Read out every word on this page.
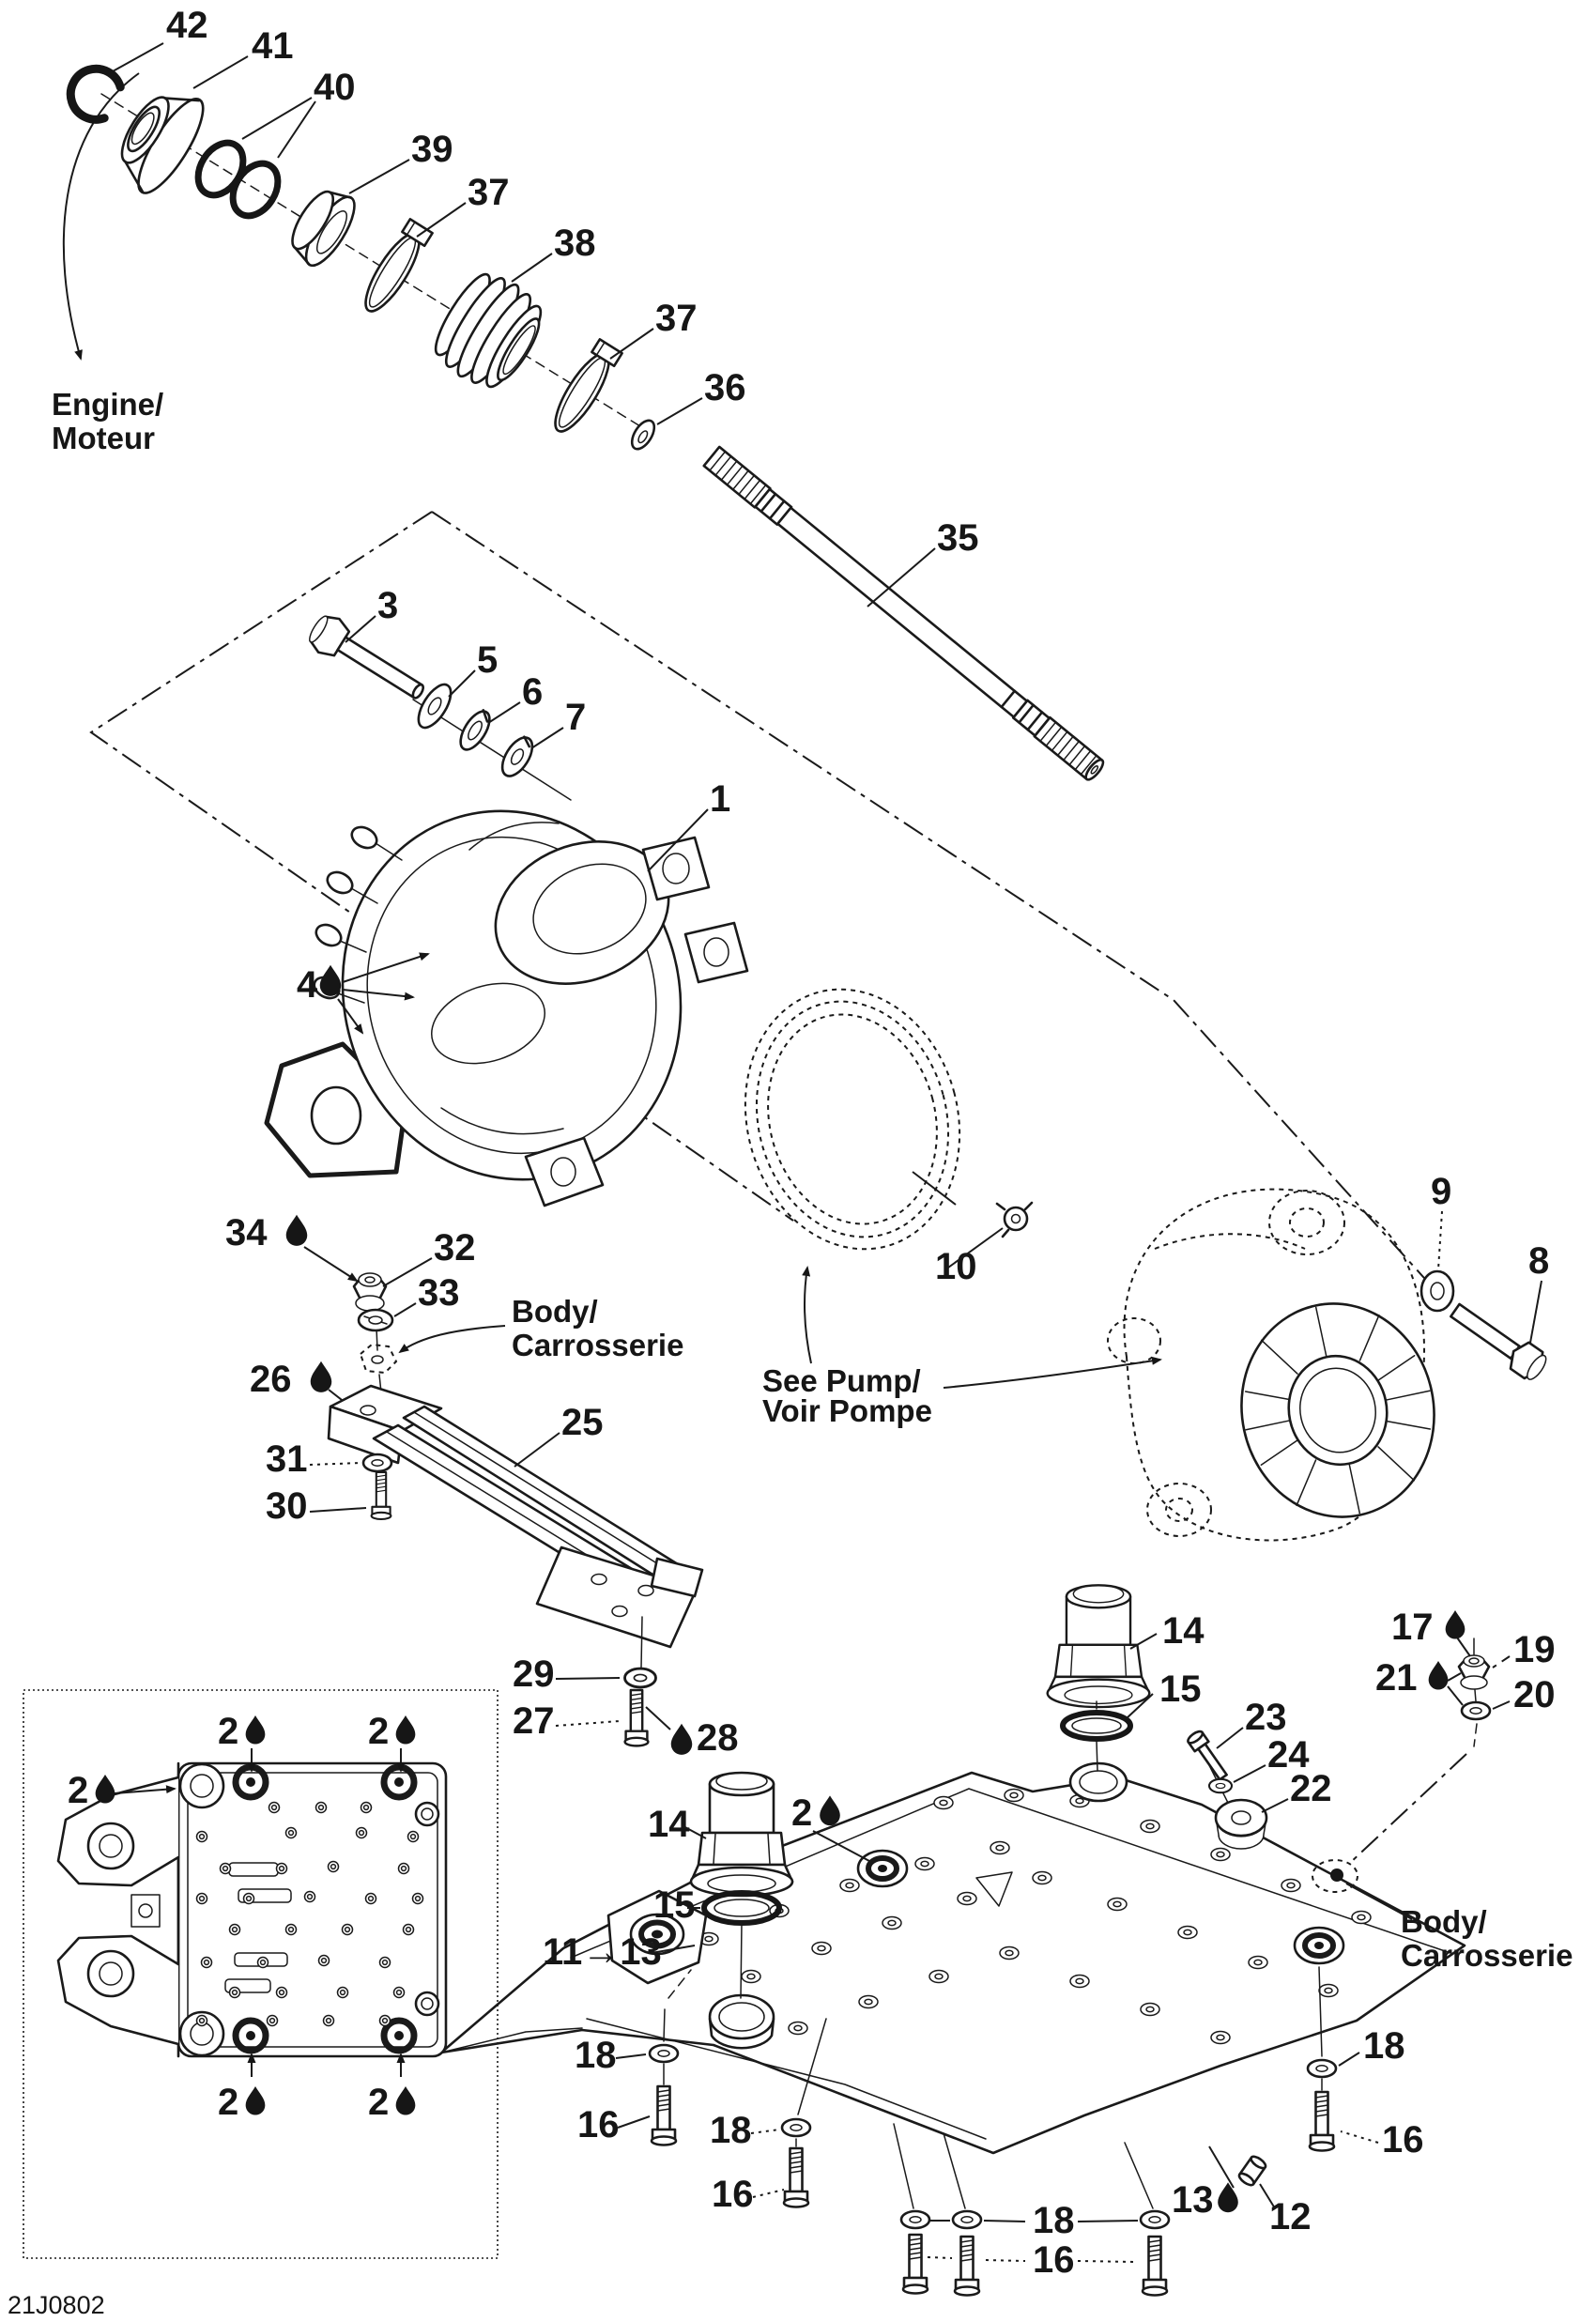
Engine/
Moteur
42 41
40
39
37
38
37
36
35
3
5
6
7
1
4
10
See Pump/
Voir Pompe
9
8
34	32
33 Body/
Carrosserie
26
25
31
30
29
27	28
14
15
14
15
2
23
24
22
17
19
21	20
Body/
Carrosserie
11→13
18
16 18
16
18
16
18
16
13 12
2	2
2
2	2
21J0802
